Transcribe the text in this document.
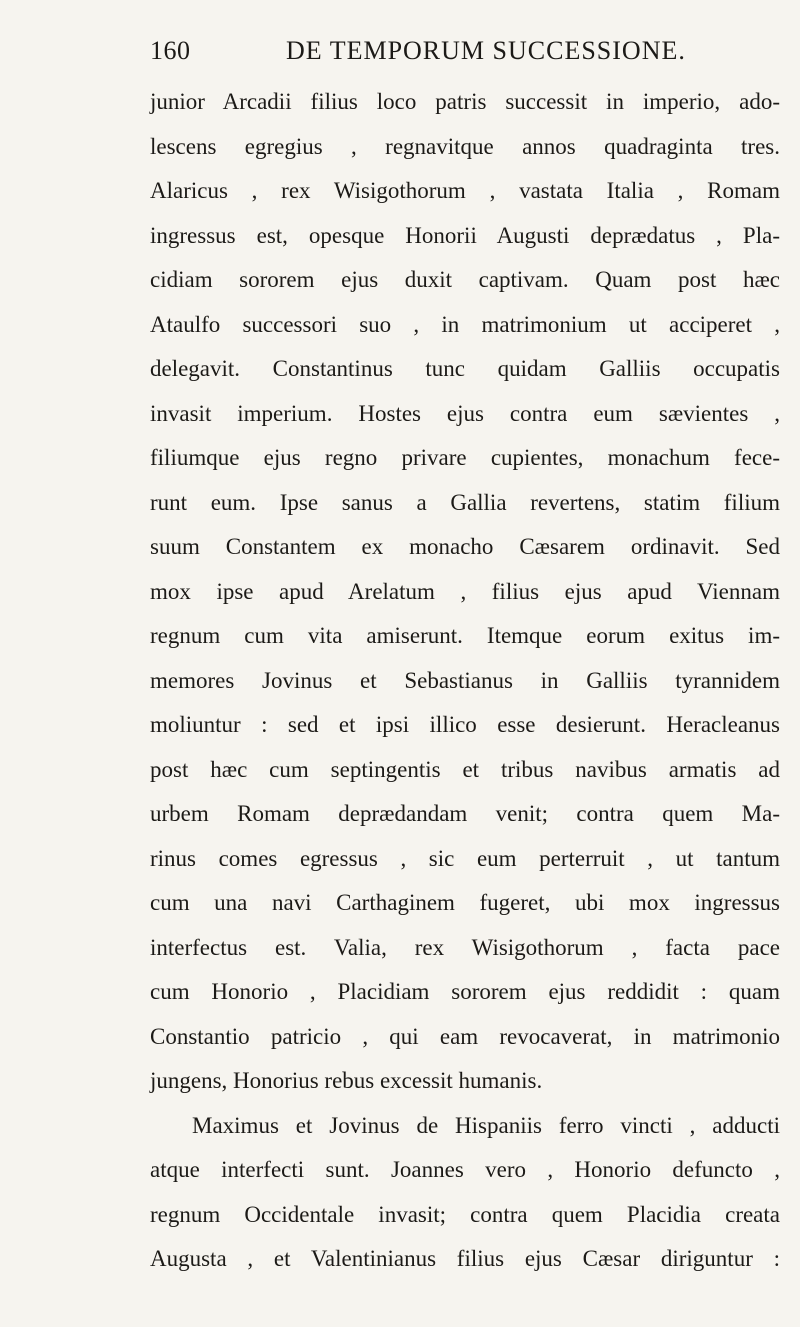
160	DE TEMPORUM SUCCESSIONE.
junior Arcadii filius loco patris successit in imperio, ado-
lescens egregius , regnavitque annos quadraginta tres.
Alaricus , rex Wisigothorum , vastata Italia , Romam
ingressus est, opesque Honorii Augusti deprædatus , Pla-
cidiam sororem ejus duxit captivam. Quam post hæc
Ataulfo successori suo , in matrimonium ut acciperet ,
delegavit. Constantinus tunc quidam Galliis occupatis
invasit imperium. Hostes ejus contra eum sævientes ,
filiumque ejus regno privare cupientes, monachum fece-
runt eum. Ipse sanus a Gallia revertens, statim filium
suum Constantem ex monacho Cæsarem ordinavit. Sed
mox ipse apud Arelatum , filius ejus apud Viennam
regnum cum vita amiserunt. Itemque eorum exitus im-
memores Jovinus et Sebastianus in Galliis tyrannidem
moliuntur : sed et ipsi illico esse desierunt. Heracleanus
post hæc cum septingentis et tribus navibus armatis ad
urbem Romam deprædandam venit; contra quem Ma-
rinus comes egressus , sic eum perterruit , ut tantum
cum una navi Carthaginem fugeret, ubi mox ingressus
interfectus est. Valia, rex Wisigothorum , facta pace
cum Honorio , Placidiam sororem ejus reddidit : quam
Constantio patricio , qui eam revocaverat, in matrimonio
jungens, Honorius rebus excessit humanis.
Maximus et Jovinus de Hispaniis ferro vincti , adducti
atque interfecti sunt. Joannes vero , Honorio defuncto ,
regnum Occidentale invasit; contra quem Placidia creata
Augusta , et Valentinianus filius ejus Cæsar diriguntur :
